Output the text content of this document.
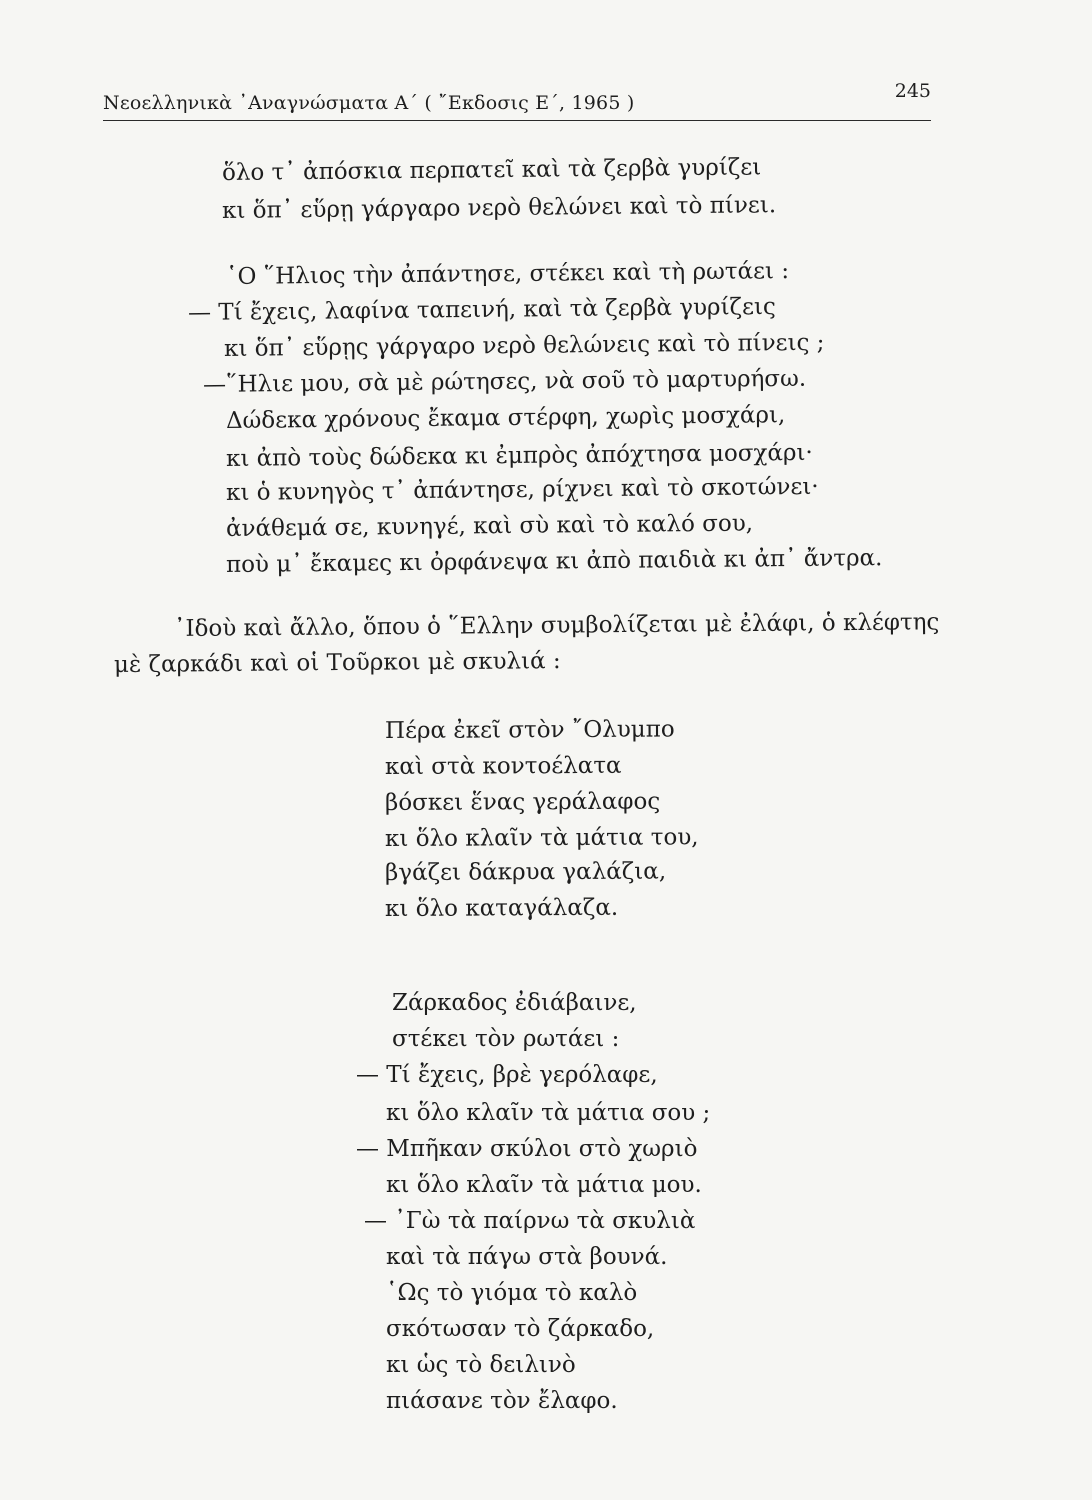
Νεοελληνικὰ ᾿Αναγνώσματα Α΄ ( ῎Εκδοσις Ε΄, 1965 )
245
ὅλο τ᾿ ἀπόσκια περπατεῖ καὶ τὰ ζερβὰ γυρίζει
κι ὅπ᾿ εὕρῃ γάργαρο νερὸ θελώνει καὶ τὸ πίνει.
῾Ο ῞Ηλιος τὴν ἀπάντησε, στέκει καὶ τὴ ρωτάει :
— Τί ἔχεις, λαφίνα ταπεινή, καὶ τὰ ζερβὰ γυρίζεις
κι ὅπ᾿ εὕρῃς γάργαρο νερὸ θελώνεις καὶ τὸ πίνεις ;
—῞Ηλιε μου, σὰ μὲ ρώτησες, νὰ σοῦ τὸ μαρτυρήσω.
Δώδεκα χρόνους ἔκαμα στέρφη, χωρὶς μοσχάρι,
κι ἀπὸ τοὺς δώδεκα κι ἐμπρὸς ἀπόχτησα μοσχάρι·
κι ὁ κυνηγὸς τ᾿ ἀπάντησε, ρίχνει καὶ τὸ σκοτώνει·
ἀνάθεμά σε, κυνηγέ, καὶ σὺ καὶ τὸ καλό σου,
ποὺ μ᾿ ἔκαμες κι ὀρφάνεψα κι ἀπὸ παιδιὰ κι ἀπ᾿ ἄντρα.
᾿Ιδοὺ καὶ ἄλλο, ὅπου ὁ ῞Ελλην συμβολίζεται μὲ ἐλάφι, ὁ κλέφτης
μὲ ζαρκάδι καὶ οἱ Τοῦρκοι μὲ σκυλιά :
Πέρα ἐκεῖ στὸν ῎Ολυμπο
καὶ στὰ κοντοέλατα
βόσκει ἕνας γεράλαφος
κι ὅλο κλαῖν τὰ μάτια του,
βγάζει δάκρυα γαλάζια,
κι ὅλο καταγάλαζα.
Ζάρκαδος ἐδιάβαινε,
στέκει τὸν ρωτάει :
— Τί ἔχεις, βρὲ γερόλαφε,
κι ὅλο κλαῖν τὰ μάτια σου ;
— Μπῆκαν σκύλοι στὸ χωριὸ
κι ὅλο κλαῖν τὰ μάτια μου.
— ᾿Γὼ τὰ παίρνω τὰ σκυλιὰ
καὶ τὰ πάγω στὰ βουνά.
῾Ως τὸ γιόμα τὸ καλὸ
σκότωσαν τὸ ζάρκαδο,
κι ὡς τὸ δειλινὸ
πιάσανε τὸν ἔλαφο.
